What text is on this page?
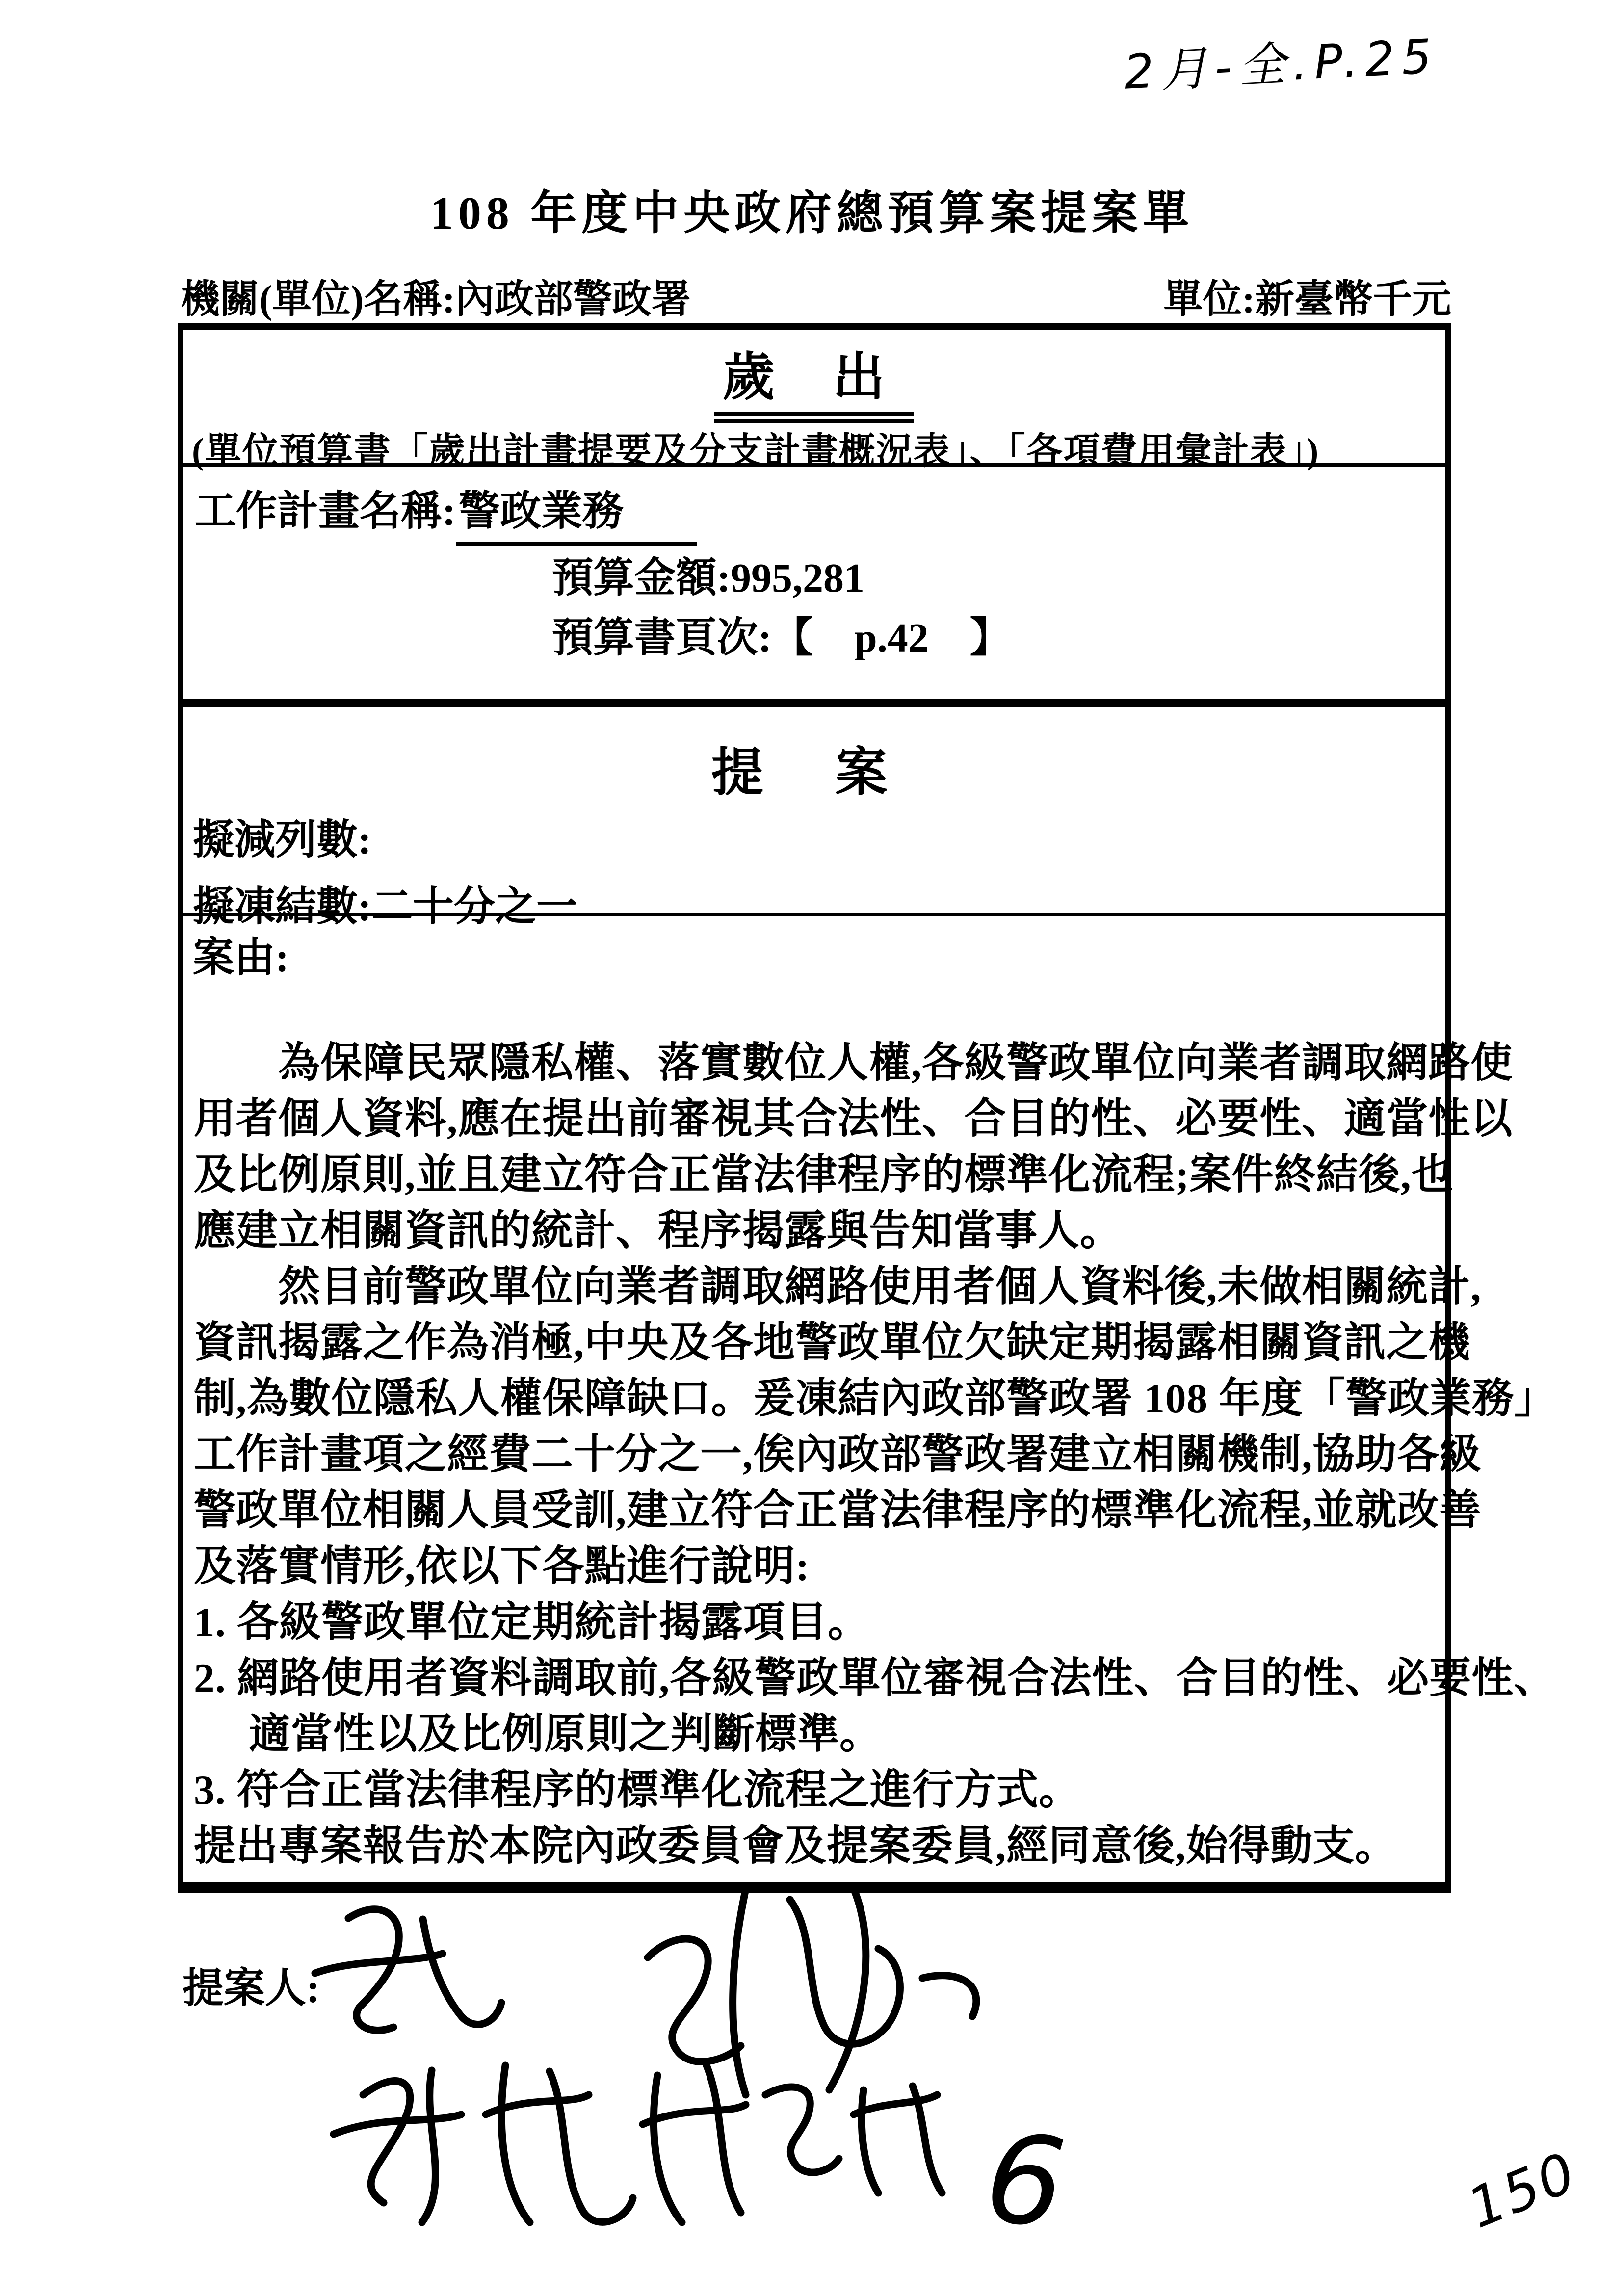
2月-全.P.25
108 年度中央政府總預算案提案單
機關(單位)名稱:內政部警政署	單位:新臺幣千元
歲 出
(單位預算書「歲出計畫提要及分支計畫概況表」、「各項費用彙計表」)
工作計畫名稱:警政業務
預算金額:995,281
預算書頁次:【　p.42　】
提 案
擬減列數:
擬凍結數:二十分之一
案由:
　　為保障民眾隱私權、落實數位人權,各級警政單位向業者調取網路使
用者個人資料,應在提出前審視其合法性、合目的性、必要性、適當性以
及比例原則,並且建立符合正當法律程序的標準化流程;案件終結後,也
應建立相關資訊的統計、程序揭露與告知當事人。
　　然目前警政單位向業者調取網路使用者個人資料後,未做相關統計,
資訊揭露之作為消極,中央及各地警政單位欠缺定期揭露相關資訊之機
制,為數位隱私人權保障缺口。爰凍結內政部警政署 108 年度「警政業務」
工作計畫項之經費二十分之一,俟內政部警政署建立相關機制,協助各級
警政單位相關人員受訓,建立符合正當法律程序的標準化流程,並就改善
及落實情形,依以下各點進行說明:
1. 各級警政單位定期統計揭露項目。
2. 網路使用者資料調取前,各級警政單位審視合法性、合目的性、必要性、
適當性以及比例原則之判斷標準。
3. 符合正當法律程序的標準化流程之進行方式。
提出專案報告於本院內政委員會及提案委員,經同意後,始得動支。
提案人:
6	150
